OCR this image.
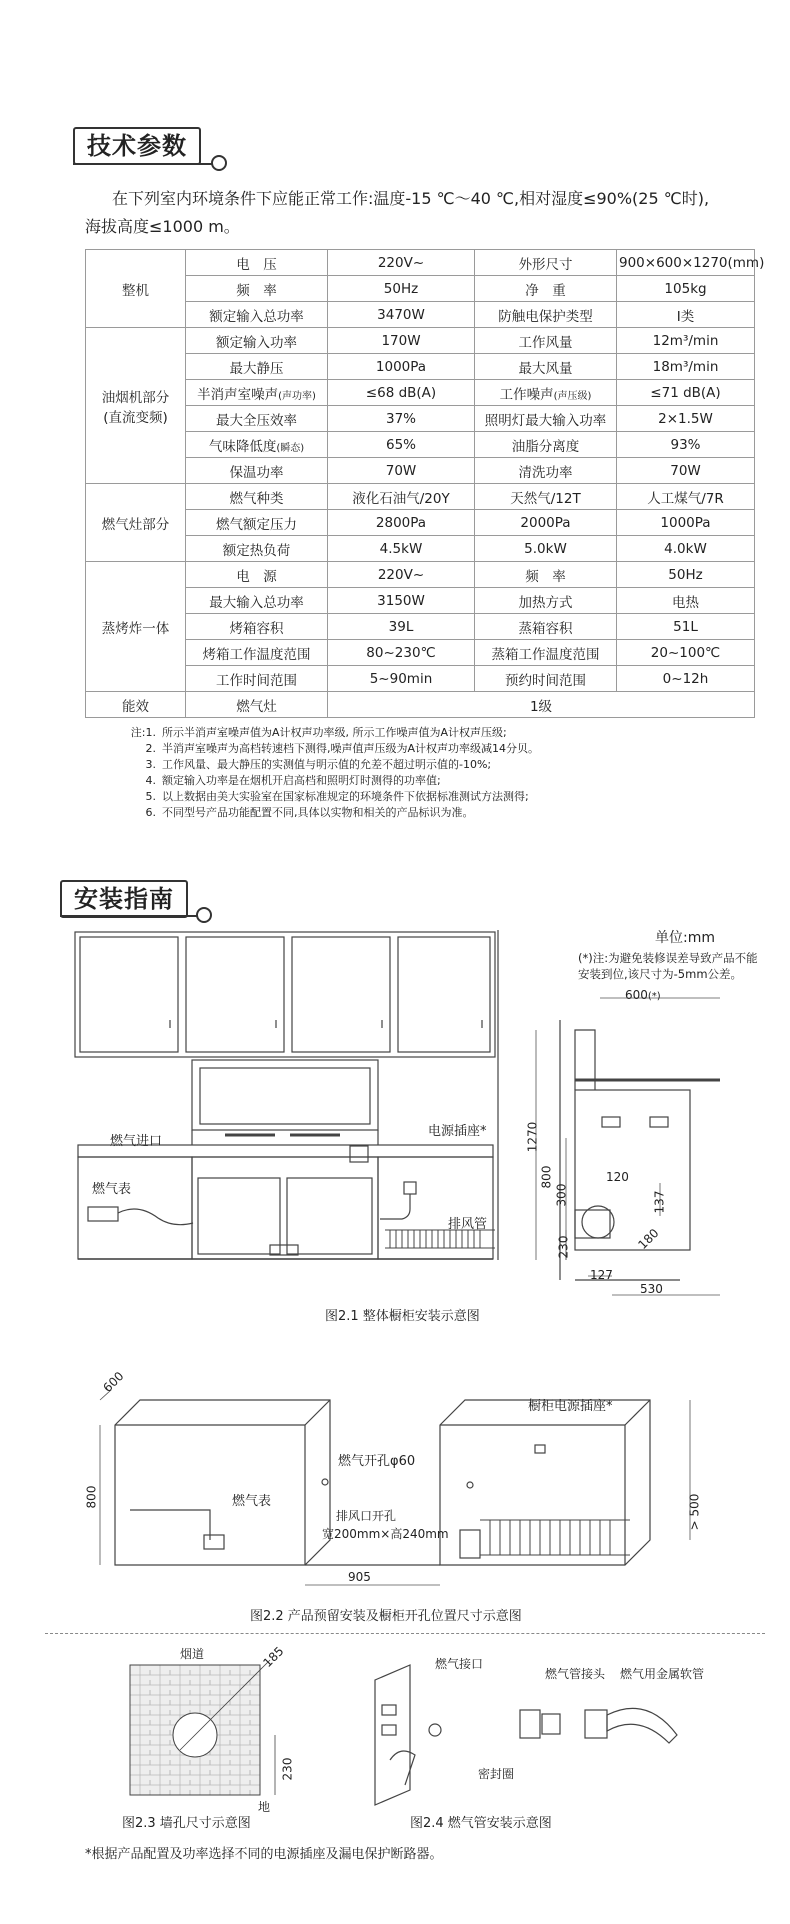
技术参数
在下列室内环境条件下应能正常工作:温度-15 ℃～40 ℃,相对湿度≤90%(25 ℃时),
海拔高度≤1000 m。
整机	电　压	220V~	外形尺寸	900×600×1270(mm)
	频　率	50Hz	净　重	105kg
	额定输入总功率	3470W	防触电保护类型	Ⅰ类

油烟机部分
(直流变频)	额定输入功率	170W	工作风量	12m³/min
	最大静压	1000Pa	最大风量	18m³/min
	半消声室噪声(声功率)	≤68 dB(A)	工作噪声(声压级)	≤71 dB(A)
	最大全压效率	37%	照明灯最大输入功率	2×1.5W
	气味降低度(瞬态)	65%	油脂分离度	93%
	保温功率	70W	清洗功率	70W

燃气灶部分	燃气种类	液化石油气/20Y	天然气/12T	人工煤气/7R
	燃气额定压力	2800Pa	2000Pa	1000Pa
	额定热负荷	4.5kW	5.0kW	4.0kW

蒸烤炸一体	电　源	220V~	频　率	50Hz
	最大输入总功率	3150W	加热方式	电热
	烤箱容积	39L	蒸箱容积	51L
	烤箱工作温度范围	80~230℃	蒸箱工作温度范围	20~100℃
	工作时间范围	5~90min	预约时间范围	0~12h

能效	燃气灶	1级		
注:1. 所示半消声室噪声值为A计权声功率级, 所示工作噪声值为A计权声压级;
2. 半消声室噪声为高档转速档下测得,噪声值声压级为A计权声功率级减14分贝。
3. 工作风量、最大静压的实测值与明示值的允差不超过明示值的-10%;
4. 额定输入功率是在烟机开启高档和照明灯时测得的功率值;
5. 以上数据由美大实验室在国家标准规定的环境条件下依据标准测试方法测得;
6. 不同型号产品功能配置不同,具体以实物和相关的产品标识为准。
安装指南
单位:mm
(*)注:为避免装修误差导致产品不能安装到位,该尺寸为-5mm公差。
燃气进口
燃气表
电源插座*
排风管
600(*)
1270
800
300
230
120
137
180
127
530
图2.1 整体橱柜安装示意图
600
800	燃气表
燃气开孔φ60
排风口开孔
宽200mm×高240mm
橱柜电源插座*
> 500
905
图2.2 产品预留安装及橱柜开孔位置尺寸示意图
烟道	185
230
地
图2.3 墙孔尺寸示意图
燃气接口
燃气管接头 燃气用金属软管
密封圈
图2.4 燃气管安装示意图
*根据产品配置及功率选择不同的电源插座及漏电保护断路器。
